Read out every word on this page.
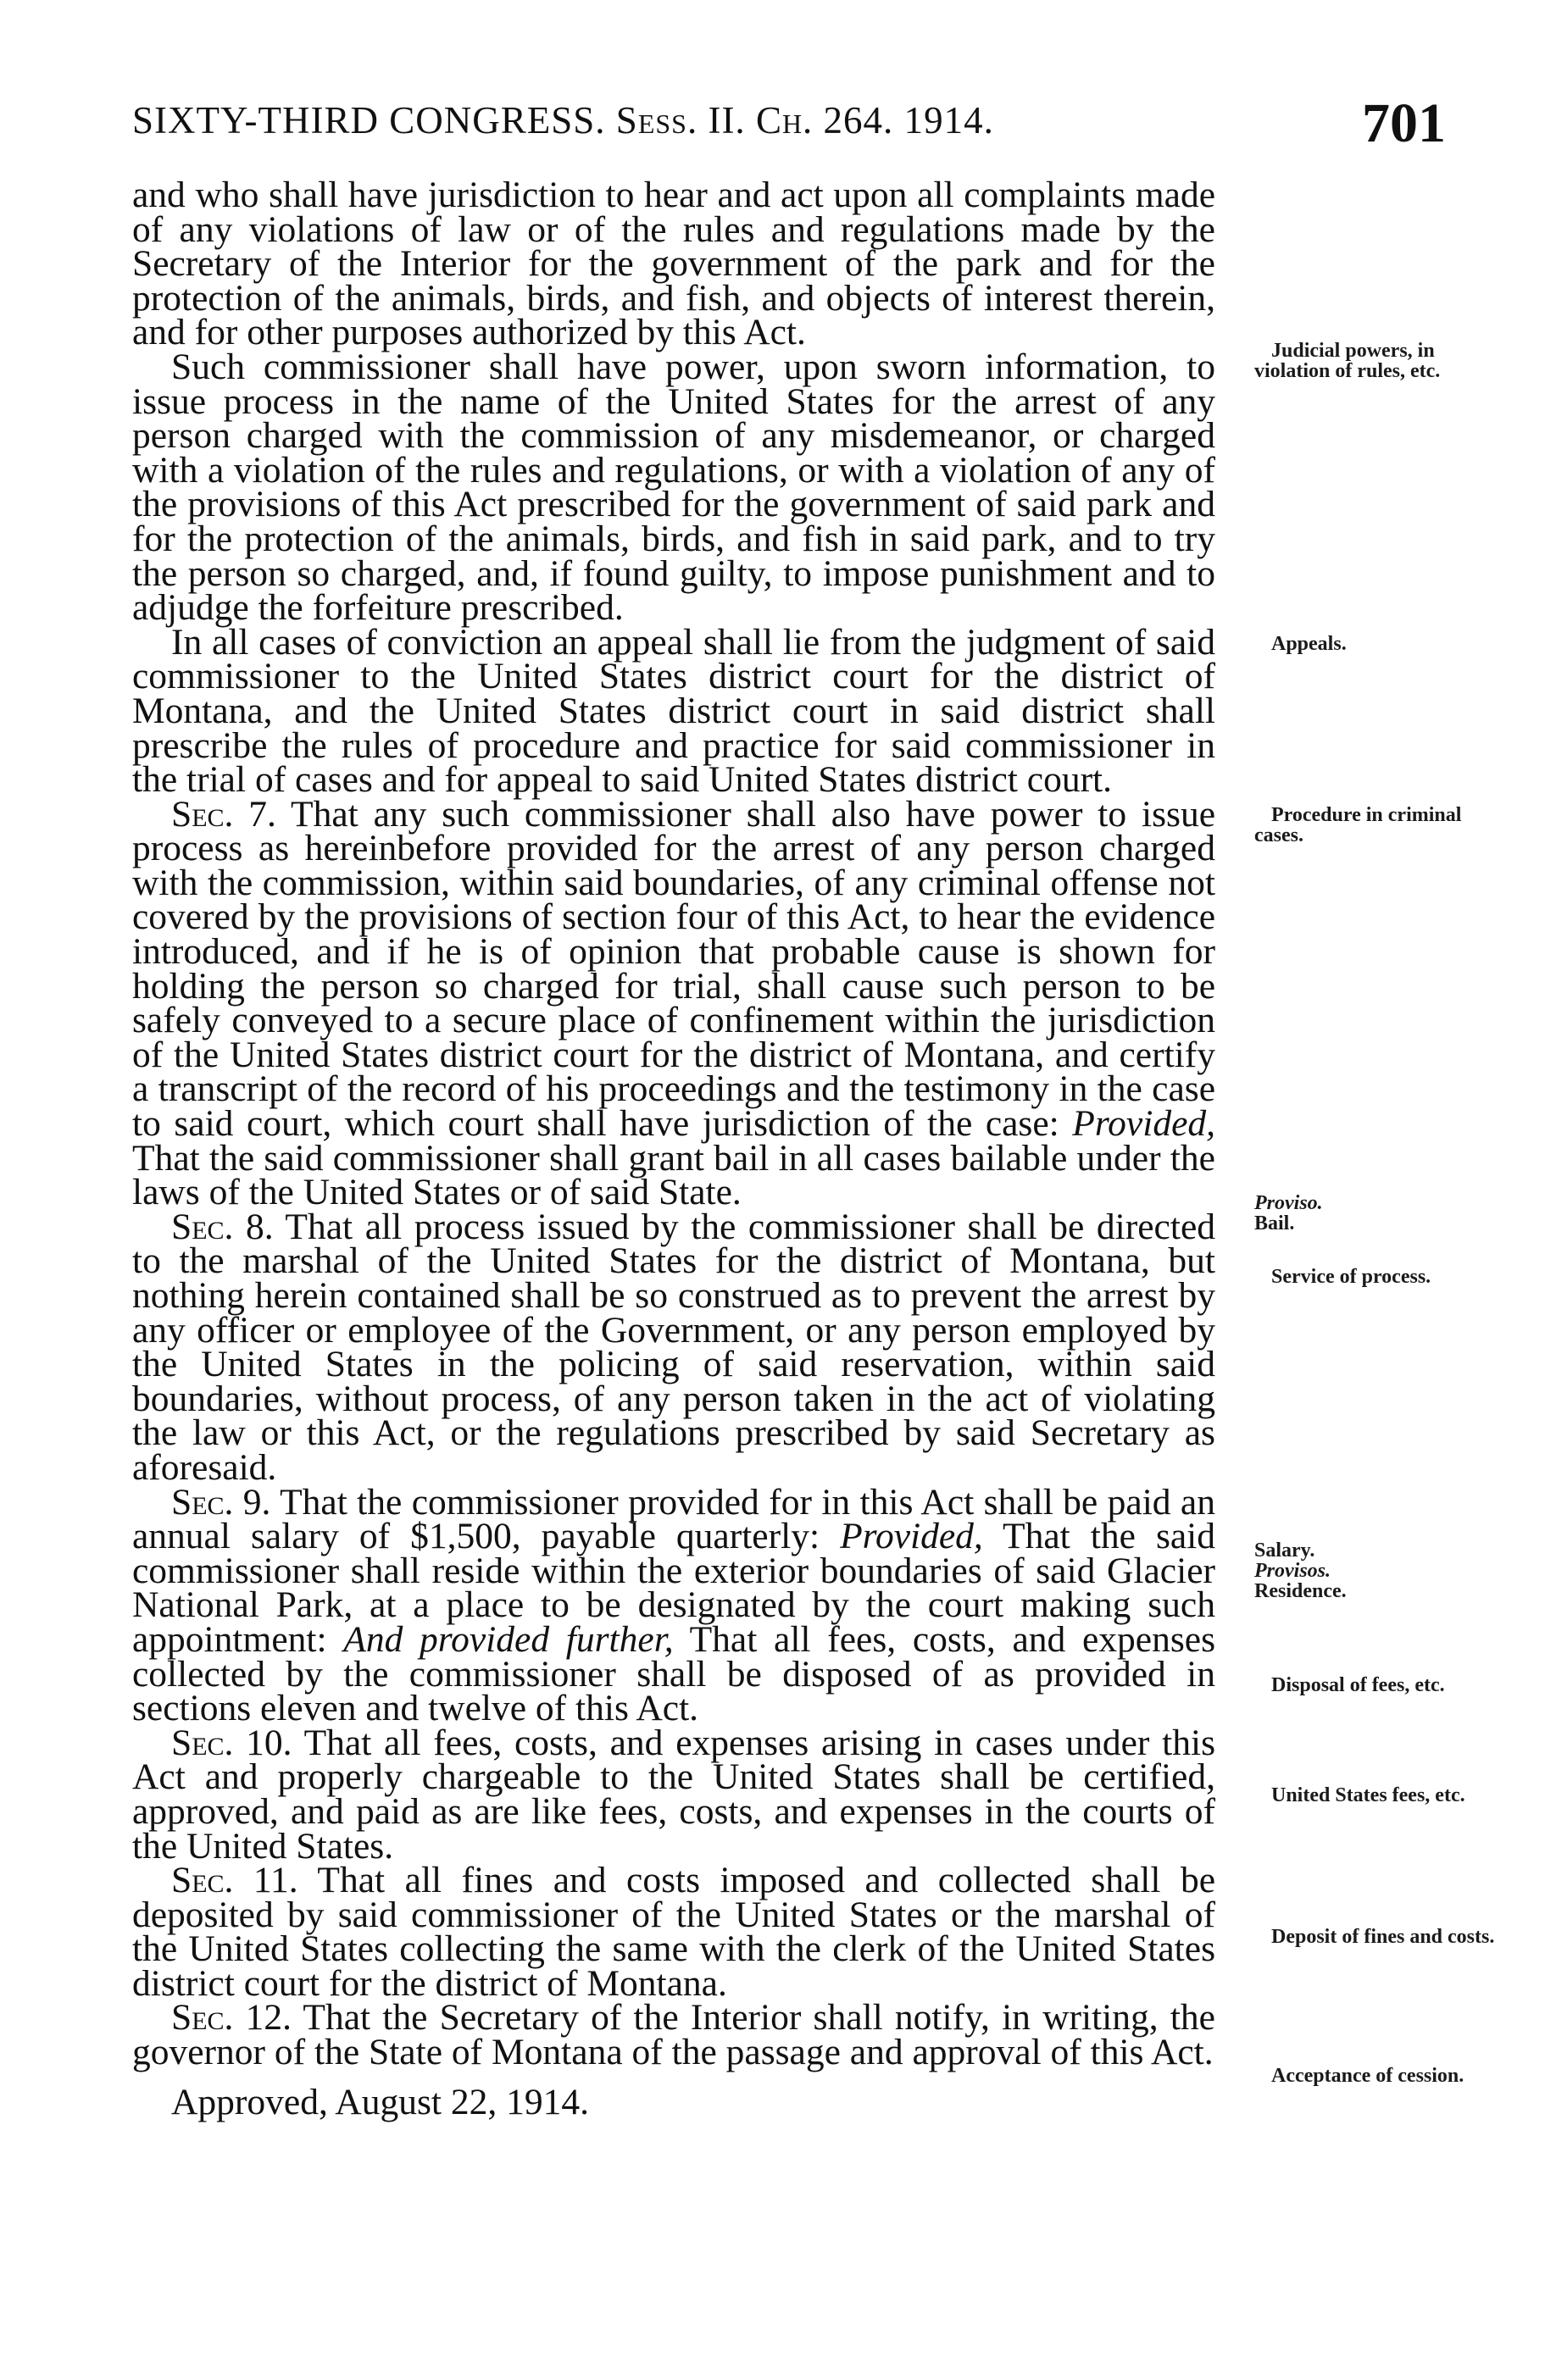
SIXTY-THIRD CONGRESS. Sess. II. Ch. 264. 1914.	701

and who shall have jurisdiction to hear and act upon all complaints made of any violations of law or of the rules and regulations made by the Secretary of the Interior for the government of the park and for the protection of the animals, birds, and fish, and objects of interest therein, and for other purposes authorized by this Act.

Such commissioner shall have power, upon sworn information, to issue process in the name of the United States for the arrest of any person charged with the commission of any misdemeanor, or charged with a violation of the rules and regulations, or with a violation of any of the provisions of this Act prescribed for the government of said park and for the protection of the animals, birds, and fish in said park, and to try the person so charged, and, if found guilty, to impose punishment and to adjudge the forfeiture prescribed.

In all cases of conviction an appeal shall lie from the judgment of said commissioner to the United States district court for the district of Montana, and the United States district court in said district shall prescribe the rules of procedure and practice for said commissioner in the trial of cases and for appeal to said United States district court.

Sec. 7. That any such commissioner shall also have power to issue process as hereinbefore provided for the arrest of any person charged with the commission, within said boundaries, of any criminal offense not covered by the provisions of section four of this Act, to hear the evidence introduced, and if he is of opinion that probable cause is shown for holding the person so charged for trial, shall cause such person to be safely conveyed to a secure place of confinement within the jurisdiction of the United States district court for the district of Montana, and certify a transcript of the record of his proceedings and the testimony in the case to said court, which court shall have jurisdiction of the case: Provided, That the said commissioner shall grant bail in all cases bailable under the laws of the United States or of said State.

Sec. 8. That all process issued by the commissioner shall be directed to the marshal of the United States for the district of Montana, but nothing herein contained shall be so construed as to prevent the arrest by any officer or employee of the Government, or any person employed by the United States in the policing of said reservation, within said boundaries, without process, of any person taken in the act of violating the law or this Act, or the regulations prescribed by said Secretary as aforesaid.

Sec. 9. That the commissioner provided for in this Act shall be paid an annual salary of $1,500, payable quarterly: Provided, That the said commissioner shall reside within the exterior boundaries of said Glacier National Park, at a place to be designated by the court making such appointment: And provided further, That all fees, costs, and expenses collected by the commissioner shall be disposed of as provided in sections eleven and twelve of this Act.

Sec. 10. That all fees, costs, and expenses arising in cases under this Act and properly chargeable to the United States shall be certified, approved, and paid as are like fees, costs, and expenses in the courts of the United States.

Sec. 11. That all fines and costs imposed and collected shall be deposited by said commissioner of the United States or the marshal of the United States collecting the same with the clerk of the United States district court for the district of Montana.

Sec. 12. That the Secretary of the Interior shall notify, in writing, the governor of the State of Montana of the passage and approval of this Act.

Approved, August 22, 1914.

Judicial powers, in violation of rules, etc.
Appeals.
Procedure in criminal cases.
Proviso.
Bail.
Service of process.
Salary.
Provisos.
Residence.
Disposal of fees, etc.
United States fees, etc.
Deposit of fines and costs.
Acceptance of cession.
